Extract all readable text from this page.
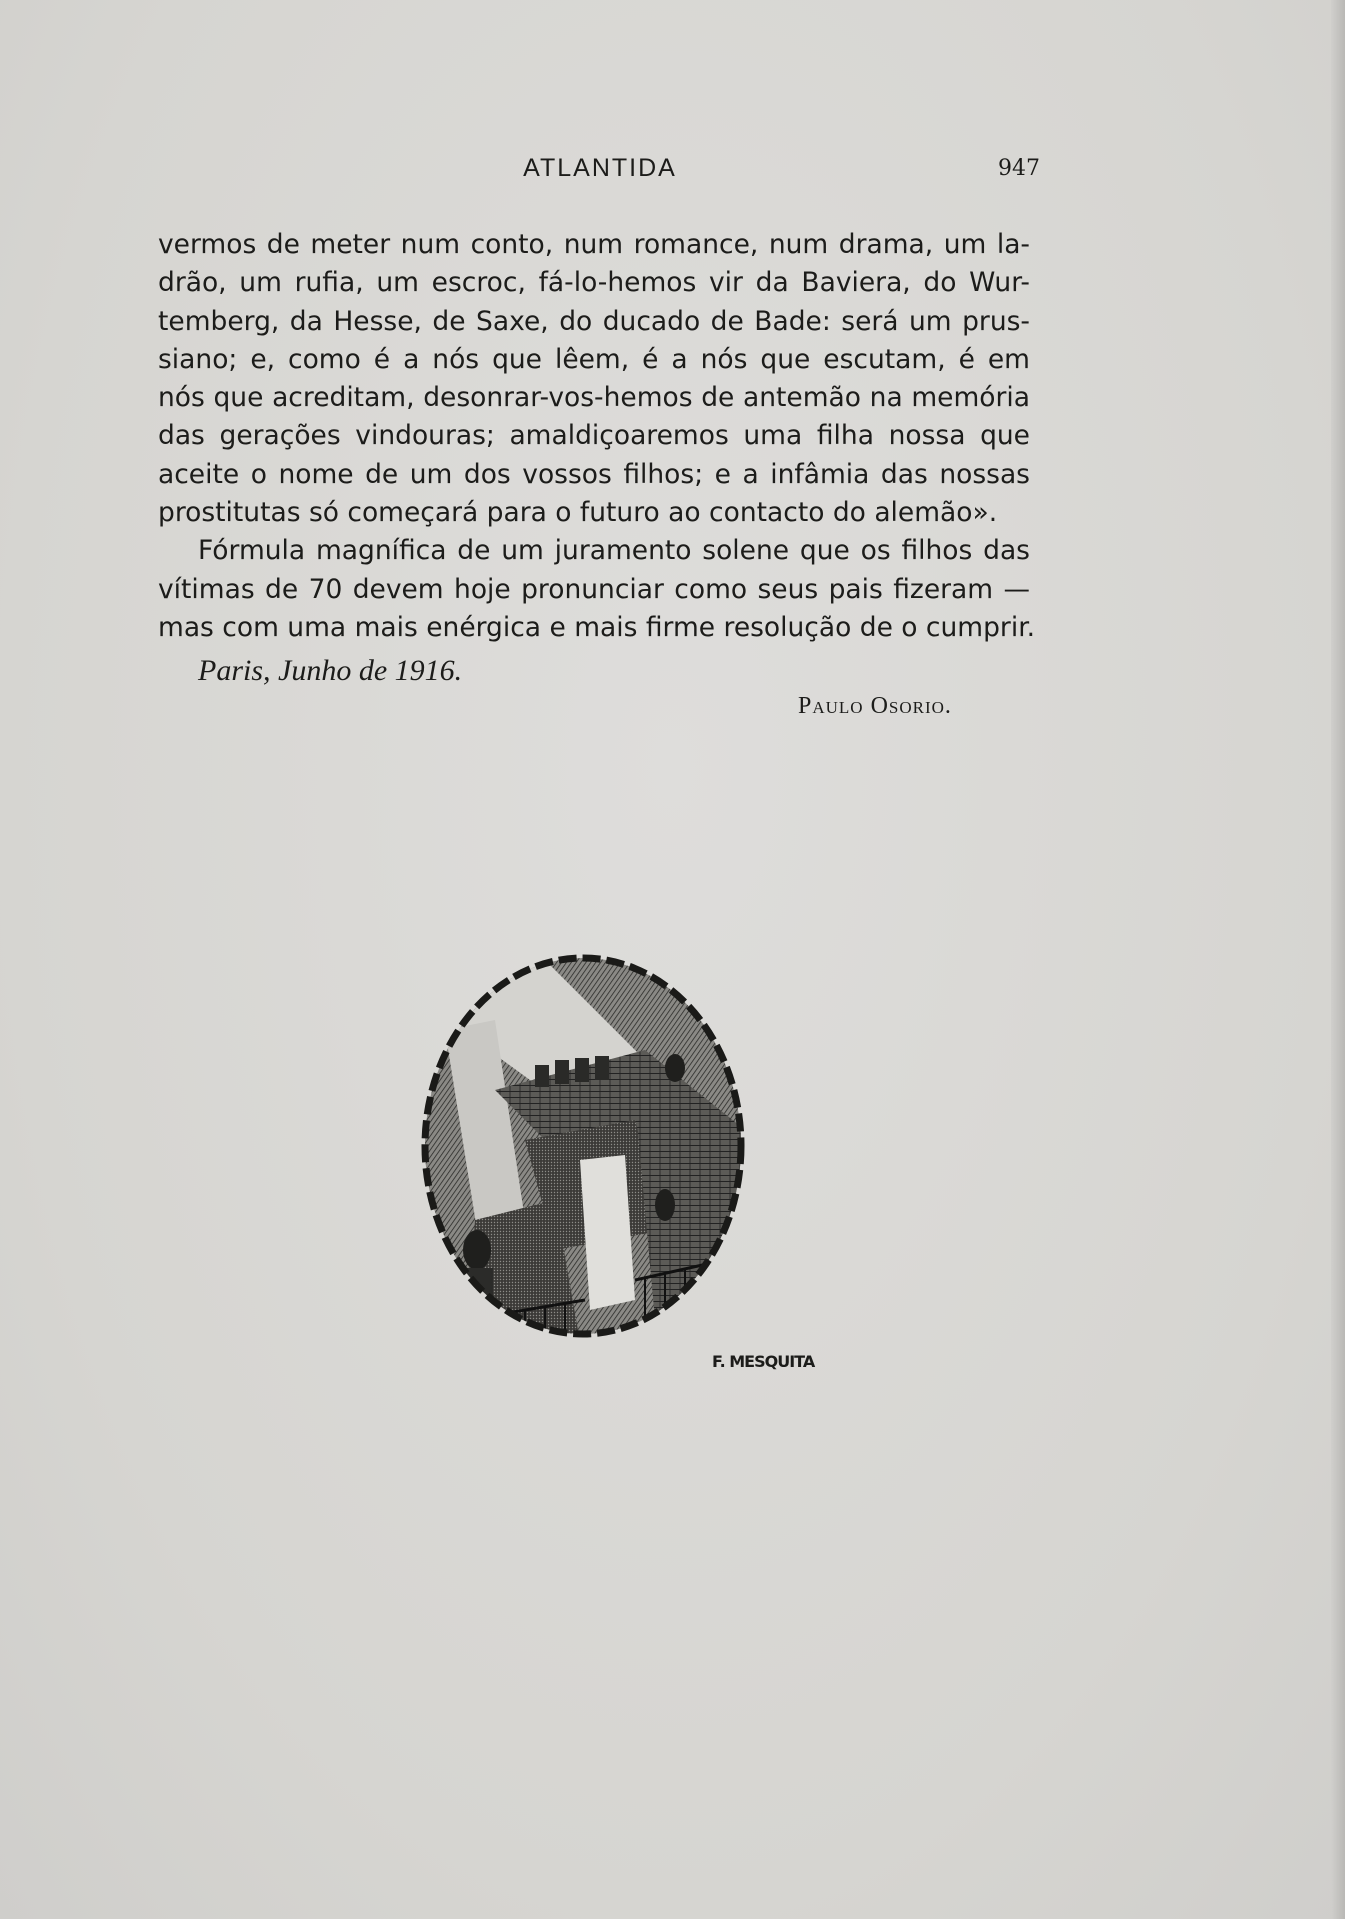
ATLANTIDA	947
vermos de meter num conto, num romance, num drama, um la-
drão, um rufia, um escroc, fá-lo-hemos vir da Baviera, do Wur-
temberg, da Hesse, de Saxe, do ducado de Bade: será um prus-
siano; e, como é a nós que lêem, é a nós que escutam, é em
nós que acreditam, desonrar-vos-hemos de antemão na memória
das gerações vindouras; amaldiçoaremos uma filha nossa que
aceite o nome de um dos vossos filhos; e a infâmia das nossas
prostitutas só começará para o futuro ao contacto do alemão».
Fórmula magnífica de um juramento solene que os filhos das
vítimas de 70 devem hoje pronunciar como seus pais fizeram —
mas com uma mais enérgica e mais firme resolução de o cumprir.
Paris, Junho de 1916.
Paulo Osorio.
F. MESQUITA
